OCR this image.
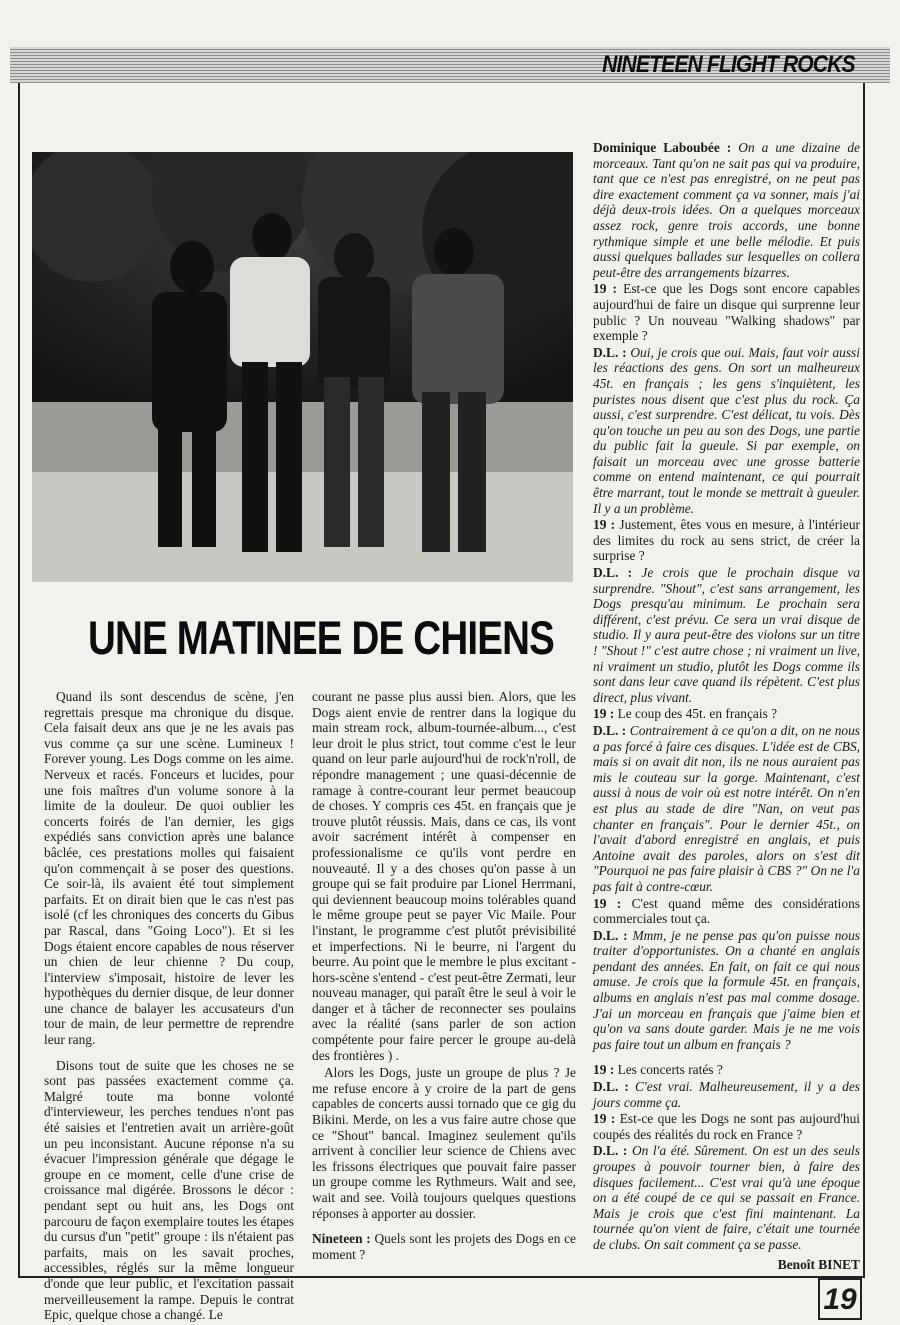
NINETEEN FLIGHT ROCKS
UNE MATINEE DE CHIENS

Quand ils sont descendus de scène, j'en regrettais presque ma chronique du disque. Cela faisait deux ans que je ne les avais pas vus comme ça sur une scène. Lumineux ! Forever young. Les Dogs comme on les aime. Nerveux et racés. Fonceurs et lucides, pour une fois maîtres d'un volume sonore à la limite de la douleur. De quoi oublier les concerts foirés de l'an dernier, les gigs expédiés sans conviction après une balance bâclée, ces prestations molles qui faisaient qu'on commençait à se poser des questions. Ce soir-là, ils avaient été tout simplement parfaits. Et on dirait bien que le cas n'est pas isolé (cf les chroniques des concerts du Gibus par Rascal, dans "Going Loco"). Et si les Dogs étaient encore capables de nous réserver un chien de leur chienne ? Du coup, l'interview s'imposait, histoire de lever les hypothèques du dernier disque, de leur donner une chance de balayer les accusateurs d'un tour de main, de leur permettre de reprendre leur rang.

Disons tout de suite que les choses ne se sont pas passées exactement comme ça. Malgré toute ma bonne volonté d'intervieweur, les perches tendues n'ont pas été saisies et l'entretien avait un arrière-goût un peu inconsistant. Aucune réponse n'a su évacuer l'impression générale que dégage le groupe en ce moment, celle d'une crise de croissance mal digérée. Brossons le décor : pendant sept ou huit ans, les Dogs ont parcouru de façon exemplaire toutes les étapes du cursus d'un "petit" groupe : ils n'étaient pas parfaits, mais on les savait proches, accessibles, réglés sur la même longueur d'onde que leur public, et l'excitation passait merveilleusement la rampe. Depuis le contrat Epic, quelque chose a changé. Le

courant ne passe plus aussi bien. Alors, que les Dogs aient envie de rentrer dans la logique du main stream rock, album-tournée-album..., c'est leur droit le plus strict, tout comme c'est le leur quand on leur parle aujourd'hui de rock'n'roll, de répondre management ; une quasi-décennie de ramage à contre-courant leur permet beaucoup de choses. Y compris ces 45t. en français que je trouve plutôt réussis. Mais, dans ce cas, ils vont avoir sacrément intérêt à compenser en professionalisme ce qu'ils vont perdre en nouveauté. Il y a des choses qu'on passe à un groupe qui se fait produire par Lionel Herrmani, qui deviennent beaucoup moins tolérables quand le même groupe peut se payer Vic Maile. Pour l'instant, le programme c'est plutôt prévisibilité et imperfections. Ni le beurre, ni l'argent du beurre. Au point que le membre le plus excitant - hors-scène s'entend - c'est peut-être Zermati, leur nouveau manager, qui paraît être le seul à voir le danger et à tâcher de reconnecter ses poulains avec la réalité (sans parler de son action compétente pour faire percer le groupe au-delà des frontières ) .

Alors les Dogs, juste un groupe de plus ? Je me refuse encore à y croire de la part de gens capables de concerts aussi tornado que ce gig du Bikini. Merde, on les a vus faire autre chose que ce "Shout" bancal. Imaginez seulement qu'ils arrivent à concilier leur science de Chiens avec les frissons électriques que pouvait faire passer un groupe comme les Rythmeurs. Wait and see, wait and see. Voilà toujours quelques questions réponses à apporter au dossier.

Nineteen : Quels sont les projets des Dogs en ce moment ?

Dominique Laboubée : On a une dizaine de morceaux. Tant qu'on ne sait pas qui va produire, tant que ce n'est pas enregistré, on ne peut pas dire exactement comment ça va sonner, mais j'ai déjà deux-trois idées. On a quelques morceaux assez rock, genre trois accords, une bonne rythmique simple et une belle mélodie. Et puis aussi quelques ballades sur lesquelles on collera peut-être des arrangements bizarres.

19 : Est-ce que les Dogs sont encore capables aujourd'hui de faire un disque qui surprenne leur public ? Un nouveau "Walking shadows" par exemple ?

D.L. : Oui, je crois que oui. Mais, faut voir aussi les réactions des gens. On sort un malheureux 45t. en français ; les gens s'inquiètent, les puristes nous disent que c'est plus du rock. Ça aussi, c'est surprendre. C'est délicat, tu vois. Dès qu'on touche un peu au son des Dogs, une partie du public fait la gueule. Si par exemple, on faisait un morceau avec une grosse batterie comme on entend maintenant, ce qui pourrait être marrant, tout le monde se mettrait à gueuler. Il y a un problème.

19 : Justement, êtes vous en mesure, à l'intérieur des limites du rock au sens strict, de créer la surprise ?

D.L. : Je crois que le prochain disque va surprendre. "Shout", c'est sans arrangement, les Dogs presqu'au minimum. Le prochain sera différent, c'est prévu. Ce sera un vrai disque de studio. Il y aura peut-être des violons sur un titre ! "Shout !" c'est autre chose ; ni vraiment un live, ni vraiment un studio, plutôt les Dogs comme ils sont dans leur cave quand ils répètent. C'est plus direct, plus vivant.

19 : Le coup des 45t. en français ?

D.L. : Contrairement à ce qu'on a dit, on ne nous a pas forcé à faire ces disques. L'idée est de CBS, mais si on avait dit non, ils ne nous auraient pas mis le couteau sur la gorge. Maintenant, c'est aussi à nous de voir où est notre intérêt. On n'en est plus au stade de dire "Nan, on veut pas chanter en français". Pour le dernier 45t., on l'avait d'abord enregistré en anglais, et puis Antoine avait des paroles, alors on s'est dit "Pourquoi ne pas faire plaisir à CBS ?" On ne l'a pas fait à contre-cœur.

19 : C'est quand même des considérations commerciales tout ça.

D.L. : Mmm, je ne pense pas qu'on puisse nous traiter d'opportunistes. On a chanté en anglais pendant des années. En fait, on fait ce qui nous amuse. Je crois que la formule 45t. en français, albums en anglais n'est pas mal comme dosage. J'ai un morceau en français que j'aime bien et qu'on va sans doute garder. Mais je ne me vois pas faire tout un album en français ?

19 : Les concerts ratés ?

D.L. : C'est vrai. Malheureusement, il y a des jours comme ça.

19 : Est-ce que les Dogs ne sont pas aujourd'hui coupés des réalités du rock en France ?

D.L. : On l'a été. Sûrement. On est un des seuls groupes à pouvoir tourner bien, à faire des disques facilement... C'est vrai qu'à une époque on a été coupé de ce qui se passait en France. Mais je crois que c'est fini maintenant. La tournée qu'on vient de faire, c'était une tournée de clubs. On sait comment ça se passe.

Benoît BINET

19
